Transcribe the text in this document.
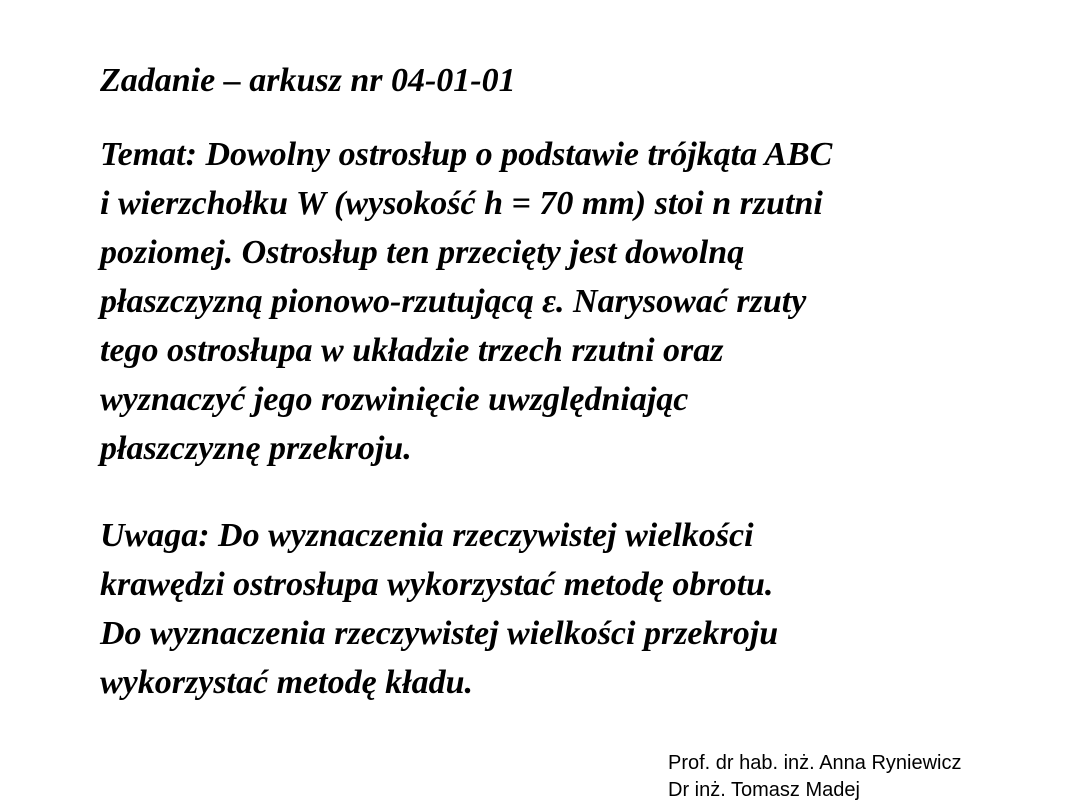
Zadanie – arkusz nr 04-01-01
Temat: Dowolny ostrosłup o podstawie trójkąta ABC
i wierzchołku W (wysokość h = 70 mm) stoi n rzutni
poziomej. Ostrosłup ten przecięty jest dowolną
płaszczyzną pionowo-rzutującą ε. Narysować rzuty
tego ostrosłupa w układzie trzech rzutni oraz
wyznaczyć jego rozwinięcie uwzględniając
płaszczyznę przekroju.
Uwaga: Do wyznaczenia rzeczywistej wielkości
krawędzi ostrosłupa wykorzystać metodę obrotu.
Do wyznaczenia rzeczywistej wielkości przekroju
wykorzystać metodę kładu.
Prof. dr hab. inż. Anna Ryniewicz
Dr inż. Tomasz Madej
